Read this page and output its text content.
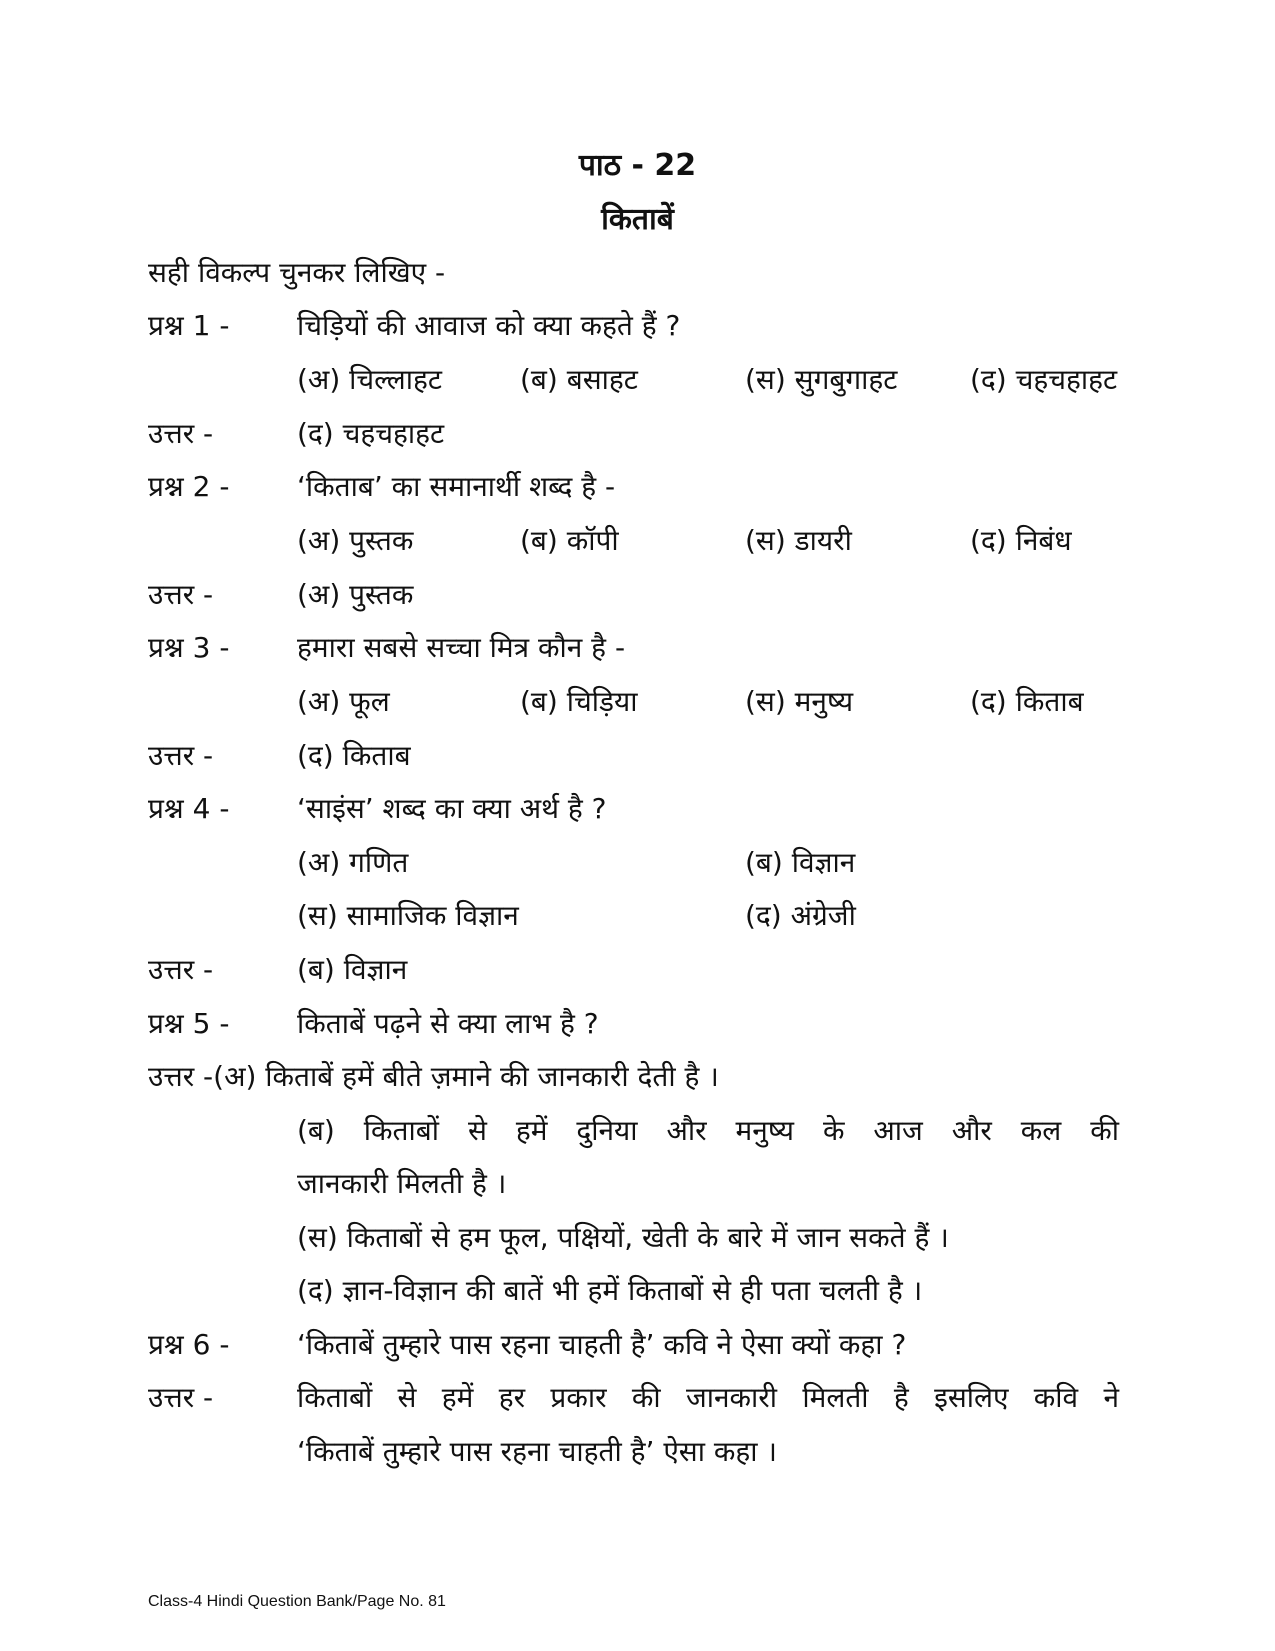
पाठ - 22
किताबें
सही विकल्प चुनकर लिखिए -
प्रश्न 1 - चिड़ियों की आवाज को क्या कहते हैं ?
(अ) चिल्लाहट	(ब) बसाहट	(स) सुगबुगाहट	(द) चहचहाहट
उत्तर -	(द) चहचहाहट
प्रश्न 2 - ‘किताब’ का समानार्थी शब्द है -
(अ) पुस्तक	(ब) कॉपी	(स) डायरी	(द) निबंध
उत्तर -	(अ) पुस्तक
प्रश्न 3 - हमारा सबसे सच्चा मित्र कौन है -
(अ) फूल	(ब) चिड़िया	(स) मनुष्य	(द) किताब
उत्तर -	(द) किताब
प्रश्न 4 - ‘साइंस’ शब्द का क्या अर्थ है ?
(अ) गणित	(ब) विज्ञान
(स) सामाजिक विज्ञान	(द) अंग्रेजी
उत्तर -	(ब) विज्ञान
प्रश्न 5 - किताबें पढ़ने से क्या लाभ है ?
उत्तर -(अ) किताबें हमें बीते ज़माने की जानकारी देती है ।
(ब) किताबों से हमें दुनिया और मनुष्य के आज और कल की
जानकारी मिलती है ।
(स) किताबों से हम फूल, पक्षियों, खेती के बारे में जान सकते हैं ।
(द) ज्ञान-विज्ञान की बातें भी हमें किताबों से ही पता चलती है ।
प्रश्न 6 - ‘किताबें तुम्हारे पास रहना चाहती है’ कवि ने ऐसा क्यों कहा ?
उत्तर -	किताबों से हमें हर प्रकार की जानकारी मिलती है इसलिए कवि ने
‘किताबें तुम्हारे पास रहना चाहती है’ ऐसा कहा ।
Class-4 Hindi Question Bank/Page No. 81
